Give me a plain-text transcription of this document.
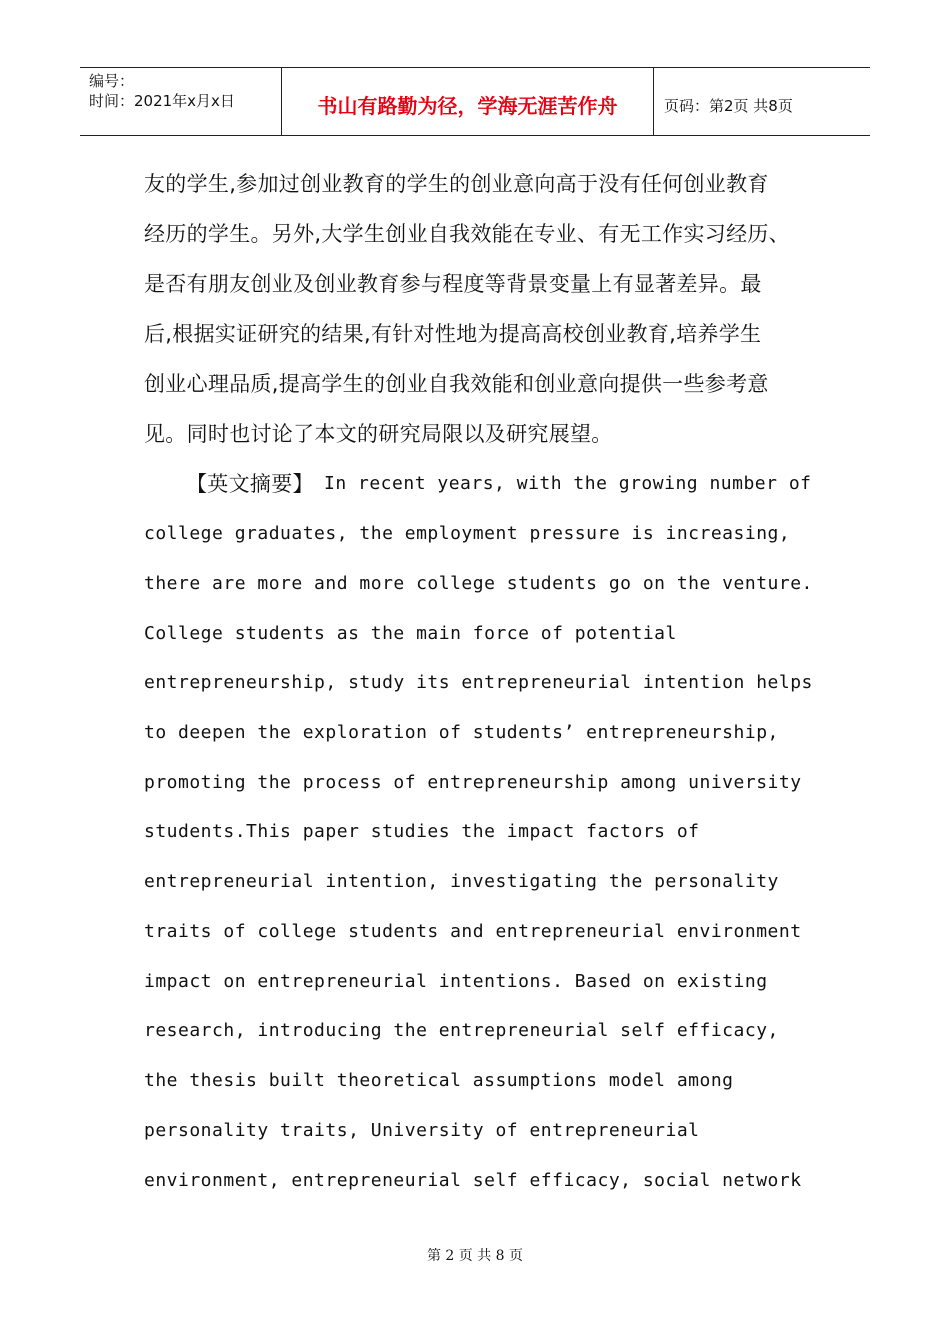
编号：
时间：2021年x月x日	书山有路勤为径，学海无涯苦作舟	页码：第2页 共8页
友的学生,参加过创业教育的学生的创业意向高于没有任何创业教育
经历的学生。另外,大学生创业自我效能在专业、有无工作实习经历、
是否有朋友创业及创业教育参与程度等背景变量上有显著差异。最
后,根据实证研究的结果,有针对性地为提高高校创业教育,培养学生
创业心理品质,提高学生的创业自我效能和创业意向提供一些参考意
见。同时也讨论了本文的研究局限以及研究展望。
【英文摘要】 In recent years, with the growing number of
college graduates, the employment pressure is increasing,
there are more and more college students go on the venture.
College students as the main force of potential
entrepreneurship, study its entrepreneurial intention helps
to deepen the exploration of students’ entrepreneurship,
promoting the process of entrepreneurship among university
students.This paper studies the impact factors of
entrepreneurial intention, investigating the personality
traits of college students and entrepreneurial environment
impact on entrepreneurial intentions. Based on existing
research, introducing the entrepreneurial self efficacy,
the thesis built theoretical assumptions model among
personality traits, University of entrepreneurial
environment, entrepreneurial self efficacy, social network
第 2 页 共 8 页
